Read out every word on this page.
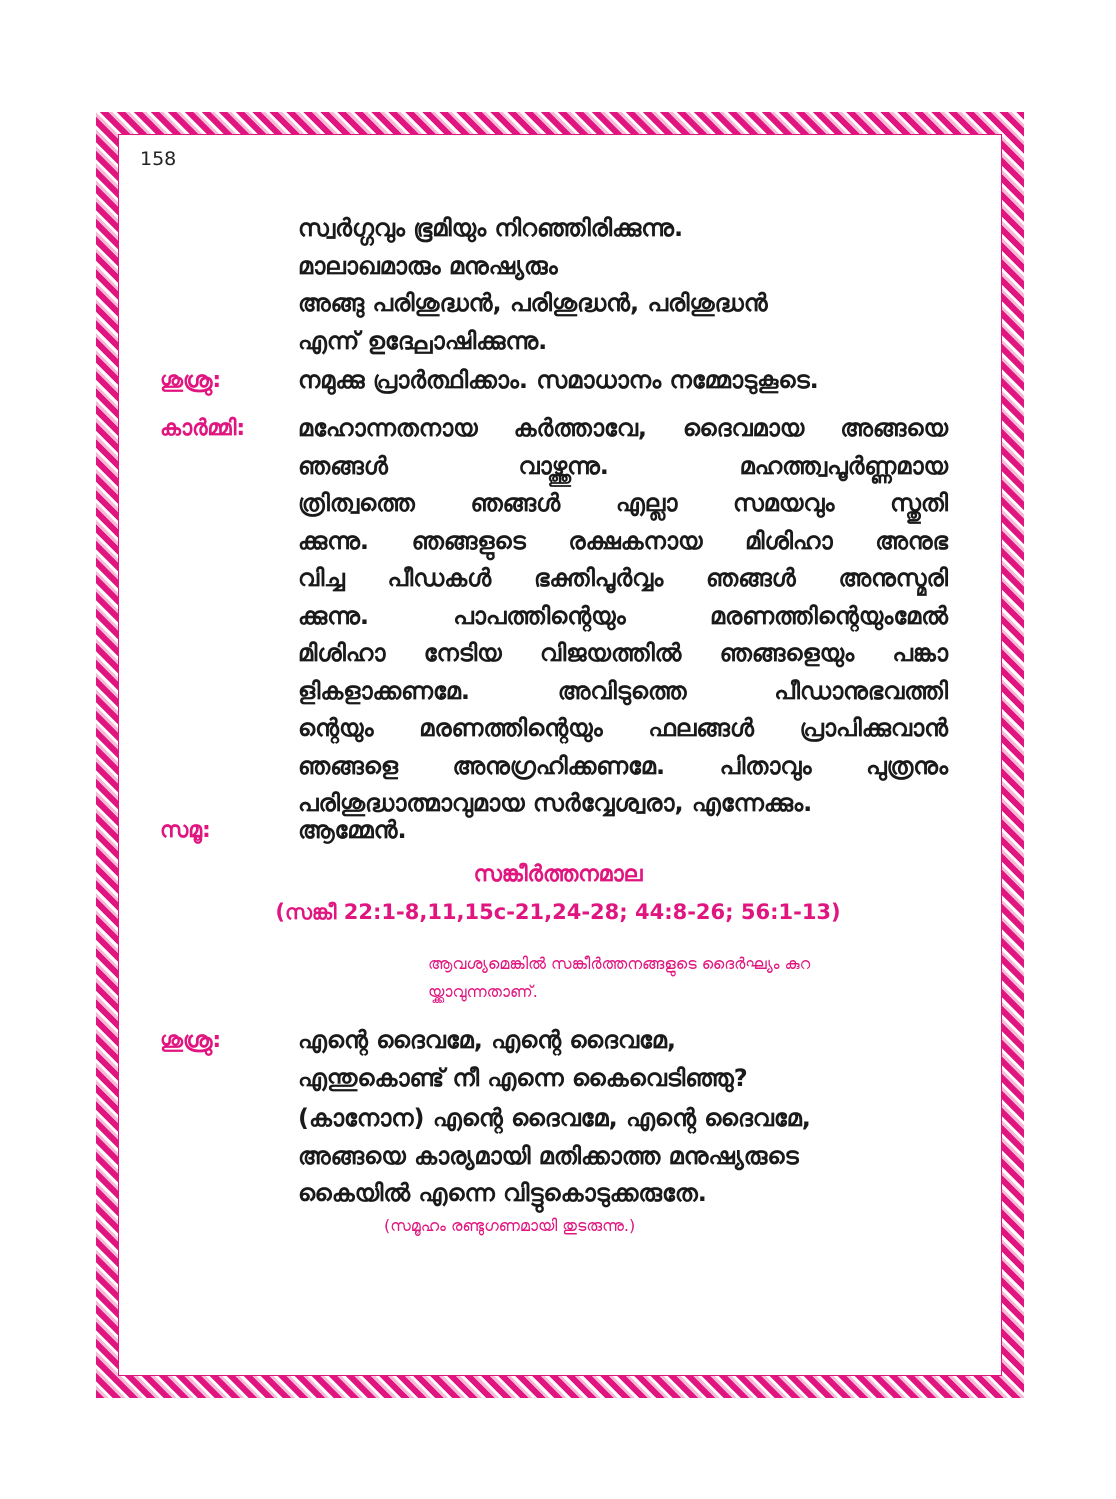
158
സ്വർഗ്ഗവും ഭൂമിയും നിറഞ്ഞിരിക്കുന്നു.
മാലാഖമാരും മനുഷ്യരും
അങ്ങു പരിശുദ്ധൻ, പരിശുദ്ധൻ, പരിശുദ്ധൻ
എന്ന് ഉദ്ഘോഷിക്കുന്നു.
ശുശ്രു:	നമുക്കു പ്രാർത്ഥിക്കാം. സമാധാനം നമ്മോടുകൂടെ.
കാർമ്മി: മഹോന്നതനായ കർത്താവേ, ദൈവമായ അങ്ങയെ
ഞങ്ങൾ വാഴ്ത്തുന്നു. മഹത്ത്വപൂർണ്ണമായ
ത്രിത്വത്തെ ഞങ്ങൾ എല്ലാ സമയവും സ്തുതി
ക്കുന്നു. ഞങ്ങളുടെ രക്ഷകനായ മിശിഹാ അനുഭ
വിച്ച പീഡകൾ ഭക്തിപൂർവ്വം ഞങ്ങൾ അനുസ്മരി
ക്കുന്നു. പാപത്തിന്റെയും മരണത്തിന്റെയുംമേൽ
മിശിഹാ നേടിയ വിജയത്തിൽ ഞങ്ങളെയും പങ്കാ
ളികളാക്കണമേ. അവിടുത്തെ പീഡാനുഭവത്തി
ന്റെയും മരണത്തിന്റെയും ഫലങ്ങൾ പ്രാപിക്കുവാൻ
ഞങ്ങളെ അനുഗ്രഹിക്കണമേ. പിതാവും പുത്രനും
പരിശുദ്ധാത്മാവുമായ സർവ്വേശ്വരാ, എന്നേക്കും.
സമൂ:	ആമ്മേൻ.
സങ്കീർത്തനമാല
(സങ്കീ 22:1-8,11,15c-21,24-28; 44:8-26; 56:1-13)
ആവശ്യമെങ്കിൽ സങ്കീർത്തനങ്ങളുടെ ദൈർഘ്യം കുറ
യ്ക്കാവുന്നതാണ്.
ശുശ്രു:	എന്റെ ദൈവമേ, എന്റെ ദൈവമേ,
എന്തുകൊണ്ട് നീ എന്നെ കൈവെടിഞ്ഞു?
(കാനോന) എന്റെ ദൈവമേ, എന്റെ ദൈവമേ,
അങ്ങയെ കാര്യമായി മതിക്കാത്ത മനുഷ്യരുടെ
കൈയിൽ എന്നെ വിട്ടുകൊടുക്കരുതേ.
(സമൂഹം രണ്ടുഗണമായി തുടരുന്നു.)
